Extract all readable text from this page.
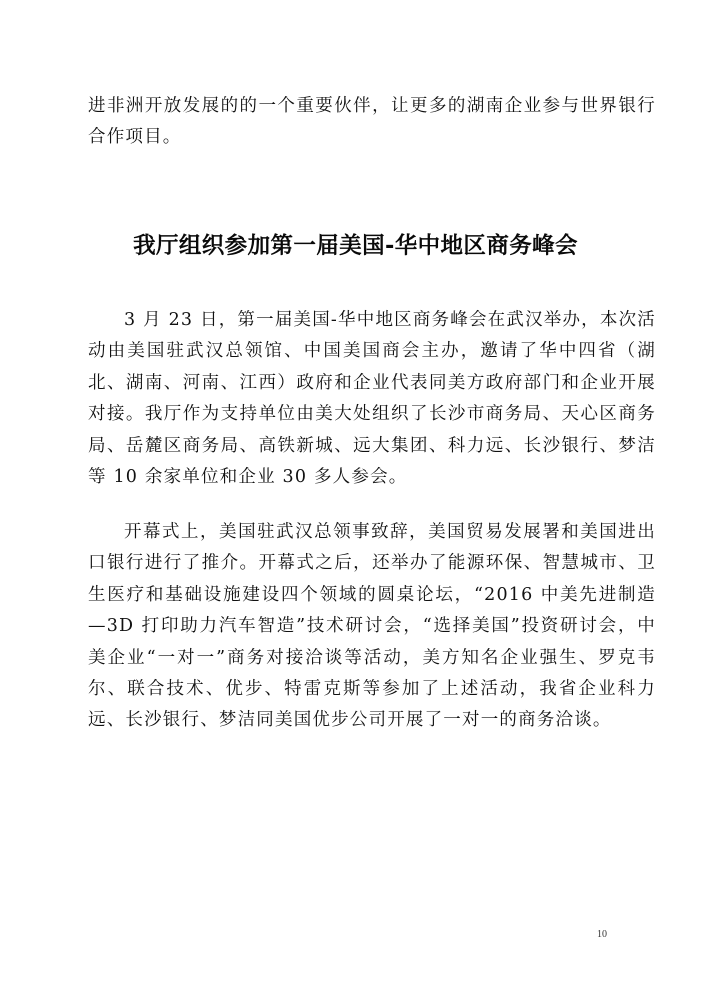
进非洲开放发展的的一个重要伙伴，让更多的湖南企业参与世界银行合作项目。

我厅组织参加第一届美国-华中地区商务峰会

3 月 23 日，第一届美国-华中地区商务峰会在武汉举办，本次活动由美国驻武汉总领馆、中国美国商会主办，邀请了华中四省（湖北、湖南、河南、江西）政府和企业代表同美方政府部门和企业开展对接。我厅作为支持单位由美大处组织了长沙市商务局、天心区商务局、岳麓区商务局、高铁新城、远大集团、科力远、长沙银行、梦洁等 10 余家单位和企业 30 多人参会。

开幕式上，美国驻武汉总领事致辞，美国贸易发展署和美国进出口银行进行了推介。开幕式之后，还举办了能源环保、智慧城市、卫生医疗和基础设施建设四个领域的圆桌论坛，“2016 中美先进制造 —3D 打印助力汽车智造”技术研讨会，“选择美国”投资研讨会，中美企业“一对一”商务对接洽谈等活动，美方知名企业强生、罗克韦尔、联合技术、优步、特雷克斯等参加了上述活动，我省企业科力远、长沙银行、梦洁同美国优步公司开展了一对一的商务洽谈。

10
